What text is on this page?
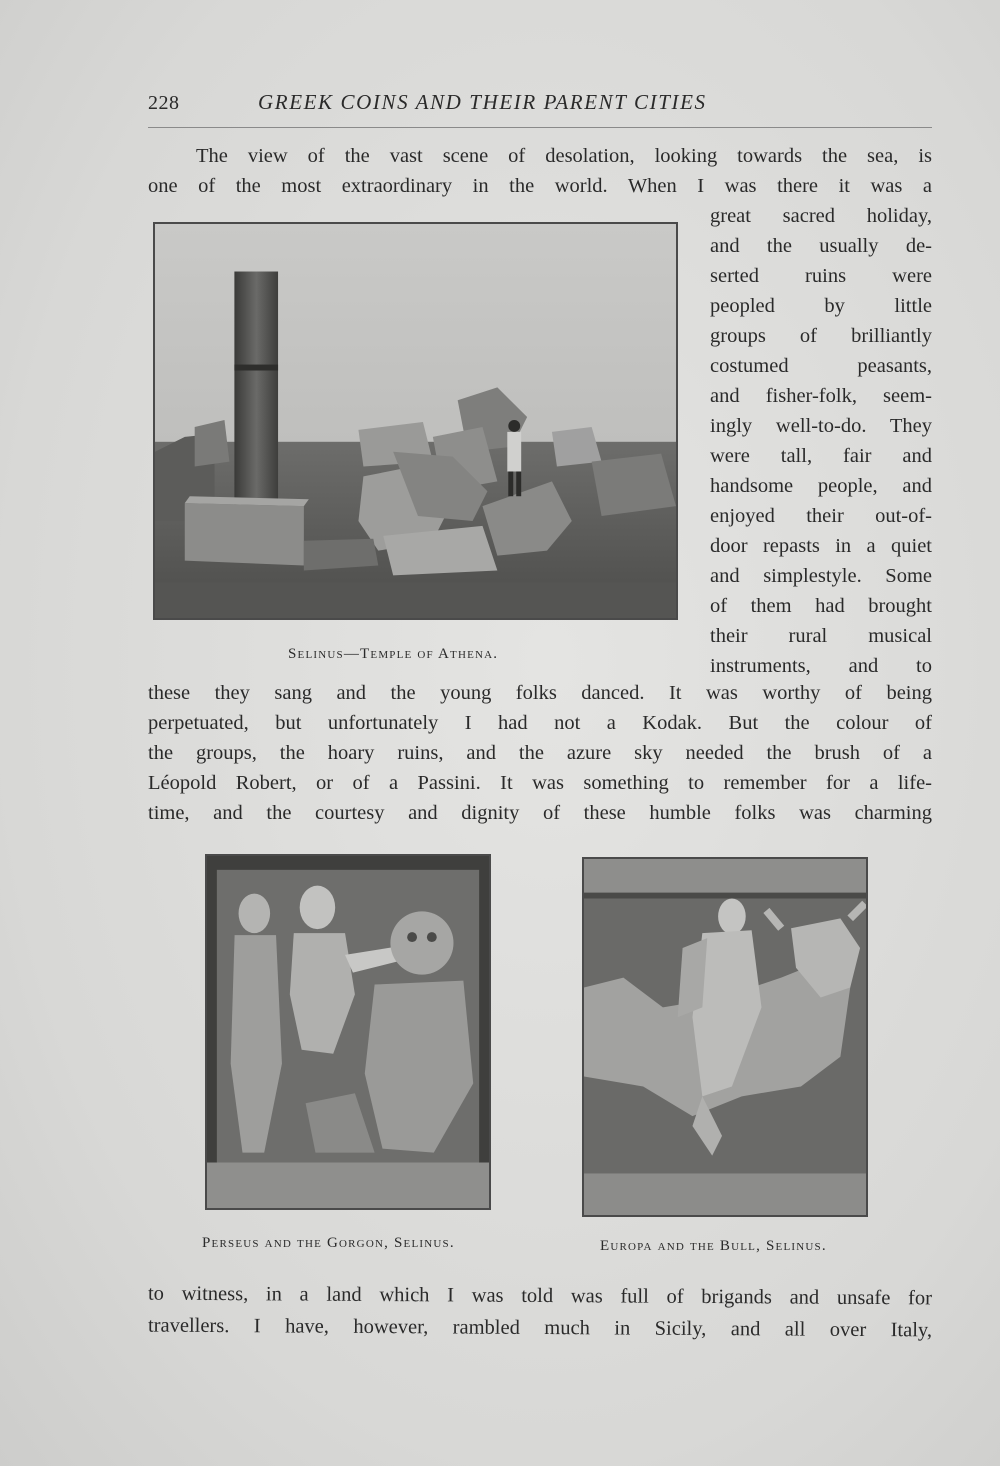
228	GREEK COINS AND THEIR PARENT CITIES
The view of the vast scene of desolation, looking towards the sea, is
one of the most extraordinary in the world. When I was there it was a
great sacred holiday,
and the usually de-
serted ruins were
peopled by little
groups of brilliantly
costumed peasants,
and fisher-folk, seem-
ingly well-to-do. They
were tall, fair and
handsome people, and
enjoyed their out-of-
door repasts in a quiet
and simplestyle. Some
of them had brought
their rural musical
instruments, and to
these they sang and the young folks danced. It was worthy of being
perpetuated, but unfortunately I had not a Kodak. But the colour of
the groups, the hoary ruins, and the azure sky needed the brush of a
Léopold Robert, or of a Passini. It was something to remember for a life-
time, and the courtesy and dignity of these humble folks was charming
Selinus—Temple of Athena.
Perseus and the Gorgon, Selinus.	Europa and the Bull, Selinus.
to witness, in a land which I was told was full of brigands and unsafe for
travellers. I have, however, rambled much in Sicily, and all over Italy,
